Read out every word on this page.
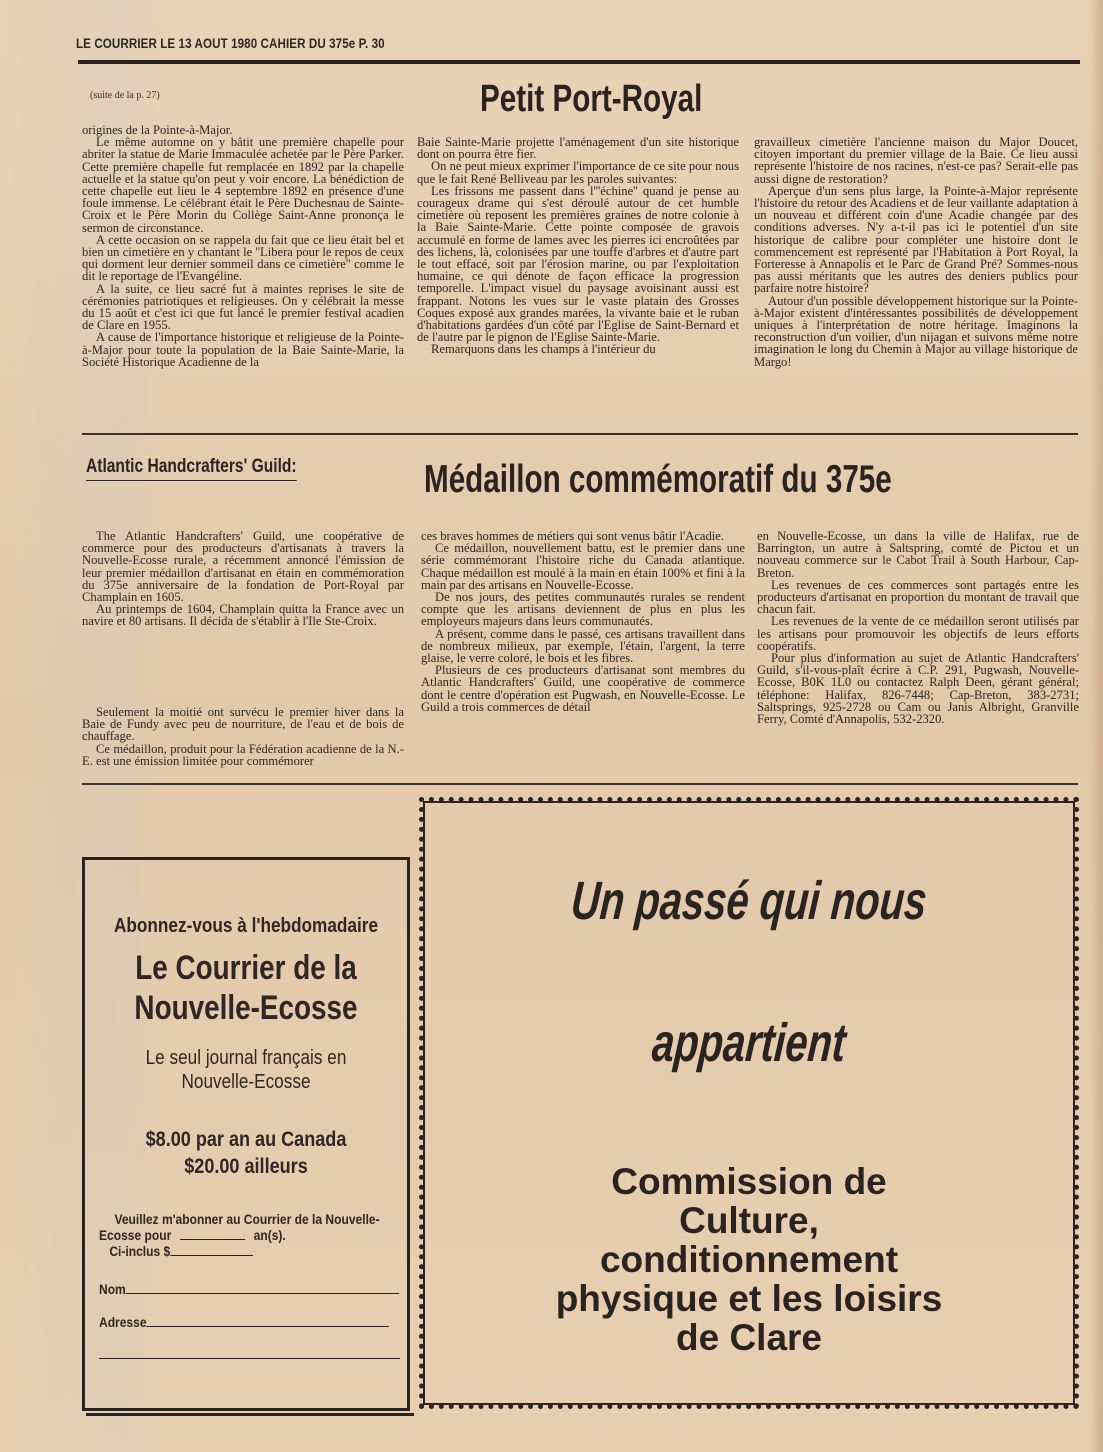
LE COURRIER LE 13 AOUT 1980 CAHIER DU 375e P. 30
(suite de la p. 27)	Petit Port-Royal

origines de la Pointe-à-Major.

Le même automne on y bâtit une première chapelle pour abriter la statue de Marie Immaculée achetée par le Père Parker. Cette première chapelle fut remplacée en 1892 par la chapelle actuelle et la statue qu'on peut y voir encore. La bénédiction de cette chapelle eut lieu le 4 septembre 1892 en présence d'une foule immense. Le célébrant était le Père Duchesnau de Sainte-Croix et le Père Morin du Collège Saint-Anne prononça le sermon de circonstance.

A cette occasion on se rappela du fait que ce lieu était bel et bien un cimetière en y chantant le ''Libera pour le repos de ceux qui dorment leur dernier sommeil dans ce cimetière'' comme le dit le reportage de l'Evangéline.

A la suite, ce lieu sacré fut à maintes reprises le site de cérémonies patriotiques et religieuses. On y célébrait la messe du 15 août et c'est ici que fut lancé le premier festival acadien de Clare en 1955.

A cause de l'importance historique et religieuse de la Pointe-à-Major pour toute la population de la Baie Sainte-Marie, la Société Historique Acadienne de la

Baie Sainte-Marie projette l'aménagement d'un site historique dont on pourra être fier.

On ne peut mieux exprimer l'importance de ce site pour nous que le fait René Belliveau par les paroles suivantes:

Les frissons me passent dans l'''échine'' quand je pense au courageux drame qui s'est déroulé autour de cet humble cimetière où reposent les premières graines de notre colonie à la Baie Sainte-Marie. Cette pointe composée de gravois accumulé en forme de lames avec les pierres ici encroûtées par des lichens, là, colonisées par une touffe d'arbres et d'autre part le tout effacé, soit par l'érosion marine, ou par l'exploitation humaine, ce qui dénote de façon efficace la progression temporelle. L'impact visuel du paysage avoisinant aussi est frappant. Notons les vues sur le vaste platain des Grosses Coques exposé aux grandes marées, la vivante baie et le ruban d'habitations gardées d'un côté par l'Eglise de Saint-Bernard et de l'autre par le pignon de l'Eglise Sainte-Marie.

Remarquons dans les champs à l'intérieur du

gravailleux cimetière l'ancienne maison du Major Doucet, citoyen important du premier village de la Baie. Ce lieu aussi représente l'histoire de nos racines, n'est-ce pas? Serait-elle pas aussi digne de restoration?

Aperçue d'un sens plus large, la Pointe-à-Major représente l'histoire du retour des Acadiens et de leur vaillante adaptation à un nouveau et différent coin d'une Acadie changée par des conditions adverses. N'y a-t-il pas ici le potentiel d'un site historique de calibre pour compléter une histoire dont le commencement est représenté par l'Habitation à Port Royal, la Forteresse à Annapolis et le Parc de Grand Pré? Sommes-nous pas aussi méritants que les autres des deniers publics pour parfaire notre histoire?

Autour d'un possible développement historique sur la Pointe-à-Major existent d'intéressantes possibilités de développement uniques à l'interprétation de notre héritage. Imaginons la reconstruction d'un voilier, d'un nijagan et suivons même notre imagination le long du Chemin à Major au village historique de Margo!

Atlantic Handcrafters' Guild:	Médaillon commémoratif du 375e

The Atlantic Handcrafters' Guild, une coopérative de commerce pour des producteurs d'artisanats à travers la Nouvelle-Ecosse rurale, a récemment annoncé l'émission de leur premier médaillon d'artisanat en étain en commémoration du 375e anniversaire de la fondation de Port-Royal par Champlain en 1605.

Au printemps de 1604, Champlain quitta la France avec un navire et 80 artisans. Il décida de s'établir à l'Ile Ste-Croix.

Seulement la moitié ont survécu le premier hiver dans la Baie de Fundy avec peu de nourriture, de l'eau et de bois de chauffage.

Ce médaillon, produit pour la Fédération acadienne de la N.-E. est une émission limitée pour commémorer

ces braves hommes de métiers qui sont venus bâtir l'Acadie.

Ce médaillon, nouvellement battu, est le premier dans une série commémorant l'histoire riche du Canada atlantique. Chaque médaillon est moulé à la main en étain 100% et fini à la main par des artisans en Nouvelle-Ecosse.

De nos jours, des petites communautés rurales se rendent compte que les artisans deviennent de plus en plus les employeurs majeurs dans leurs communautés.

A présent, comme dans le passé, ces artisans travaillent dans de nombreux milieux, par exemple, l'étain, l'argent, la terre glaise, le verre coloré, le bois et les fibres.

Plusieurs de ces producteurs d'artisanat sont membres du Atlantic Handcrafters' Guild, une coopérative de commerce dont le centre d'opération est Pugwash, en Nouvelle-Ecosse. Le Guild a trois commerces de détail

en Nouvelle-Ecosse, un dans la ville de Halifax, rue de Barrington, un autre à Saltspring, comté de Pictou et un nouveau commerce sur le Cabot Trail à South Harbour, Cap-Breton.

Les revenues de ces commerces sont partagés entre les producteurs d'artisanat en proportion du montant de travail que chacun fait.

Les revenues de la vente de ce médaillon seront utilisés par les artisans pour promouvoir les objectifs de leurs efforts coopératifs.

Pour plus d'information au sujet de Atlantic Handcrafters' Guild, s'il-vous-plaît écrire à C.P. 291, Pugwash, Nouvelle-Ecosse, B0K 1L0 ou contactez Ralph Deen, gérant général; téléphone: Halifax, 826-7448; Cap-Breton, 383-2731; Saltsprings, 925-2728 ou Cam ou Janis Albright, Granville Ferry, Comté d'Annapolis, 532-2320.

Abonnez-vous à l'hebdomadaire
Le Courrier de la
Nouvelle-Ecosse
Le seul journal français en
Nouvelle-Ecosse
$8.00 par an au Canada
$20.00 ailleurs
Veuillez m'abonner au Courrier de la Nouvelle-
Ecosse pour	an(s).
Ci-inclus $
Nom
Adresse
Un passé qui nous
appartient
Commission de
Culture,
conditionnement
physique et les loisirs
de Clare
